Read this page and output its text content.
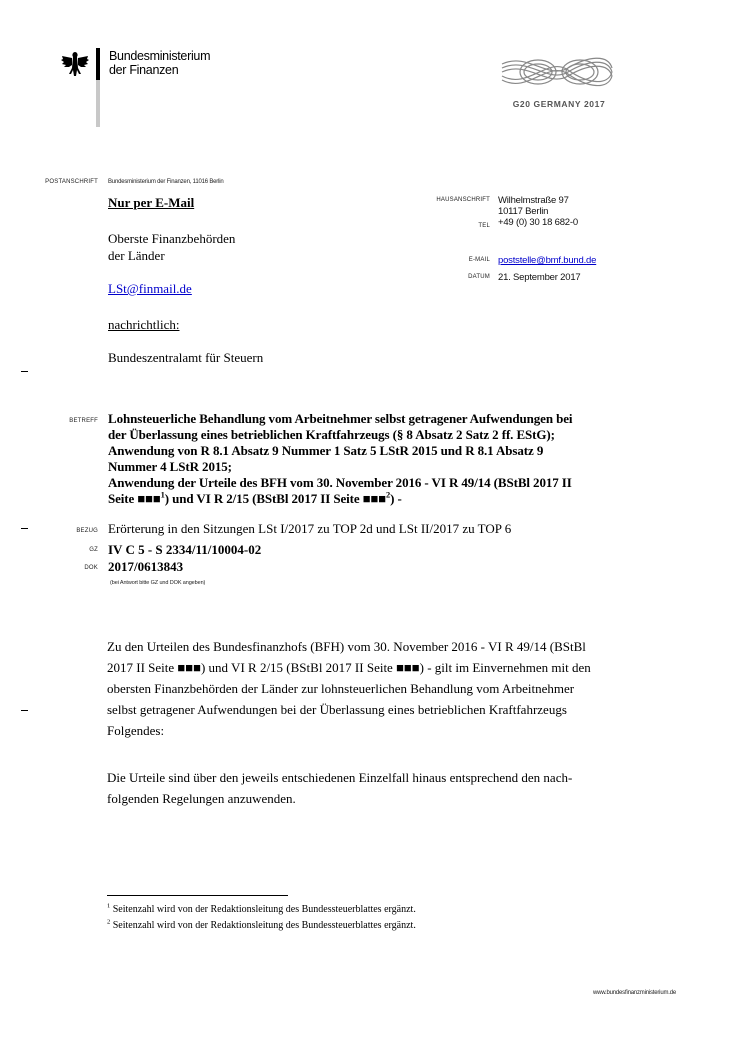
Bundesministerium
der Finanzen
G20 GERMANY 2017
POSTANSCHRIFT Bundesministerium der Finanzen, 11016 Berlin
Nur per E-Mail
Oberste Finanzbehörden
der Länder
LSt@finmail.de
nachrichtlich:
Bundeszentralamt für Steuern
HAUSANSCHRIFT Wilhelmstraße 97
10117 Berlin
+49 (0) 30 18 682-0
TEL
E-MAIL poststelle@bmf.bund.de
DATUM 21. September 2017
BETREFF Lohnsteuerliche Behandlung vom Arbeitnehmer selbst getragener Aufwendungen bei
der Überlassung eines betrieblichen Kraftfahrzeugs (§ 8 Absatz 2 Satz 2 ff. EStG);
Anwendung von R 8.1 Absatz 9 Nummer 1 Satz 5 LStR 2015 und R 8.1 Absatz 9
Nummer 4 LStR 2015;
Anwendung der Urteile des BFH vom 30. November 2016 - VI R 49/14 (BStBl 2017 II
Seite ■■■$^1$) und VI R 2/15 (BStBl 2017 II Seite ■■■$^2$) -
BEZUG Erörterung in den Sitzungen LSt I/2017 zu TOP 2d und LSt II/2017 zu TOP 6
GZ IV C 5 - S 2334/11/10004-02
DOK 2017/0613843
(bei Antwort bitte GZ und DOK angeben)
Zu den Urteilen des Bundesfinanzhofs (BFH) vom 30. November 2016 - VI R 49/14 (BStBl
2017 II Seite ■■■) und VI R 2/15 (BStBl 2017 II Seite ■■■) - gilt im Einvernehmen mit den
obersten Finanzbehörden der Länder zur lohnsteuerlichen Behandlung vom Arbeitnehmer
selbst getragener Aufwendungen bei der Überlassung eines betrieblichen Kraftfahrzeugs
Folgendes:
Die Urteile sind über den jeweils entschiedenen Einzelfall hinaus entsprechend den nach-
folgenden Regelungen anzuwenden.
$^1$ Seitenzahl wird von der Redaktionsleitung des Bundessteuerblattes ergänzt.
$^2$ Seitenzahl wird von der Redaktionsleitung des Bundessteuerblattes ergänzt.
www.bundesfinanzministerium.de
